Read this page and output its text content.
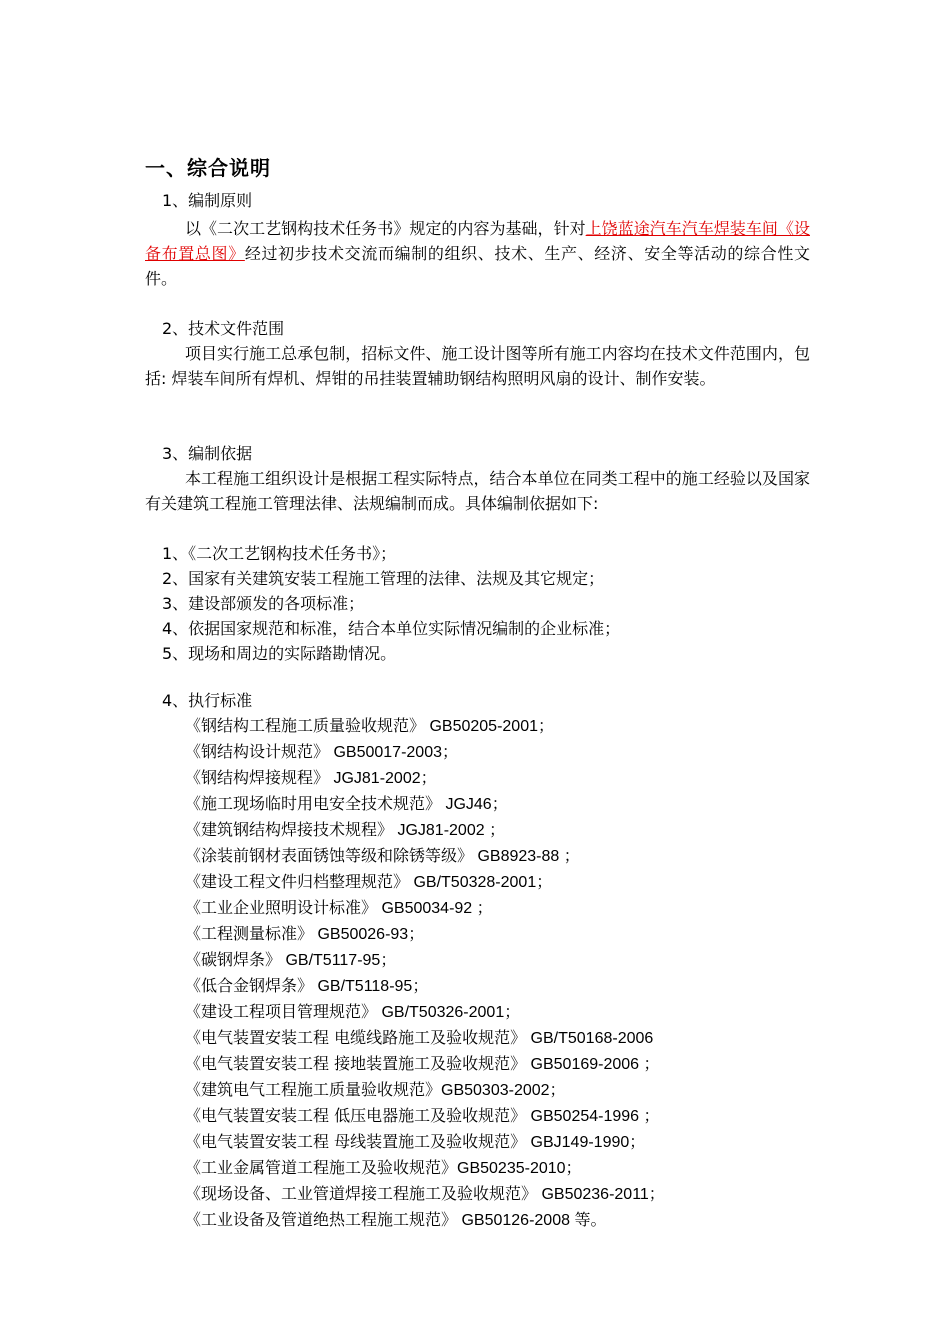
一、综合说明
1、编制原则
以《二次工艺钢构技术任务书》规定的内容为基础，针对上饶蓝途汽车汽车焊装车间《设备布置总图》经过初步技术交流而编制的组织、技术、生产、经济、安全等活动的综合性文件。
2、技术文件范围
项目实行施工总承包制，招标文件、施工设计图等所有施工内容均在技术文件范围内，包括: 焊装车间所有焊机、焊钳的吊挂装置辅助钢结构照明风扇的设计、制作安装。
3、编制依据
本工程施工组织设计是根据工程实际特点，结合本单位在同类工程中的施工经验以及国家有关建筑工程施工管理法律、法规编制而成。具体编制依据如下:
1、《二次工艺钢构技术任务书》；
2、国家有关建筑安装工程施工管理的法律、法规及其它规定；
3、建设部颁发的各项标准；
4、依据国家规范和标准，结合本单位实际情况编制的企业标准；
5、现场和周边的实际踏勘情况。
4、执行标准
《钢结构工程施工质量验收规范》 GB50205-2001；
《钢结构设计规范》 GB50017-2003；
《钢结构焊接规程》 JGJ81-2002；
《施工现场临时用电安全技术规范》 JGJ46；
《建筑钢结构焊接技术规程》 JGJ81-2002 ；
《涂装前钢材表面锈蚀等级和除锈等级》 GB8923-88 ；
《建设工程文件归档整理规范》 GB/T50328-2001；
《工业企业照明设计标准》 GB50034-92 ；
《工程测量标准》 GB50026-93；
《碳钢焊条》 GB/T5117-95；
《低合金钢焊条》 GB/T5118-95；
《建设工程项目管理规范》 GB/T50326-2001；
《电气装置安装工程 电缆线路施工及验收规范》 GB/T50168-2006
《电气装置安装工程 接地装置施工及验收规范》 GB50169-2006 ；
《建筑电气工程施工质量验收规范》GB50303-2002；
《电气装置安装工程 低压电器施工及验收规范》 GB50254-1996 ；
《电气装置安装工程 母线装置施工及验收规范》 GBJ149-1990；
《工业金属管道工程施工及验收规范》GB50235-2010；
《现场设备、工业管道焊接工程施工及验收规范》 GB50236-2011；
《工业设备及管道绝热工程施工规范》 GB50126-2008 等。
